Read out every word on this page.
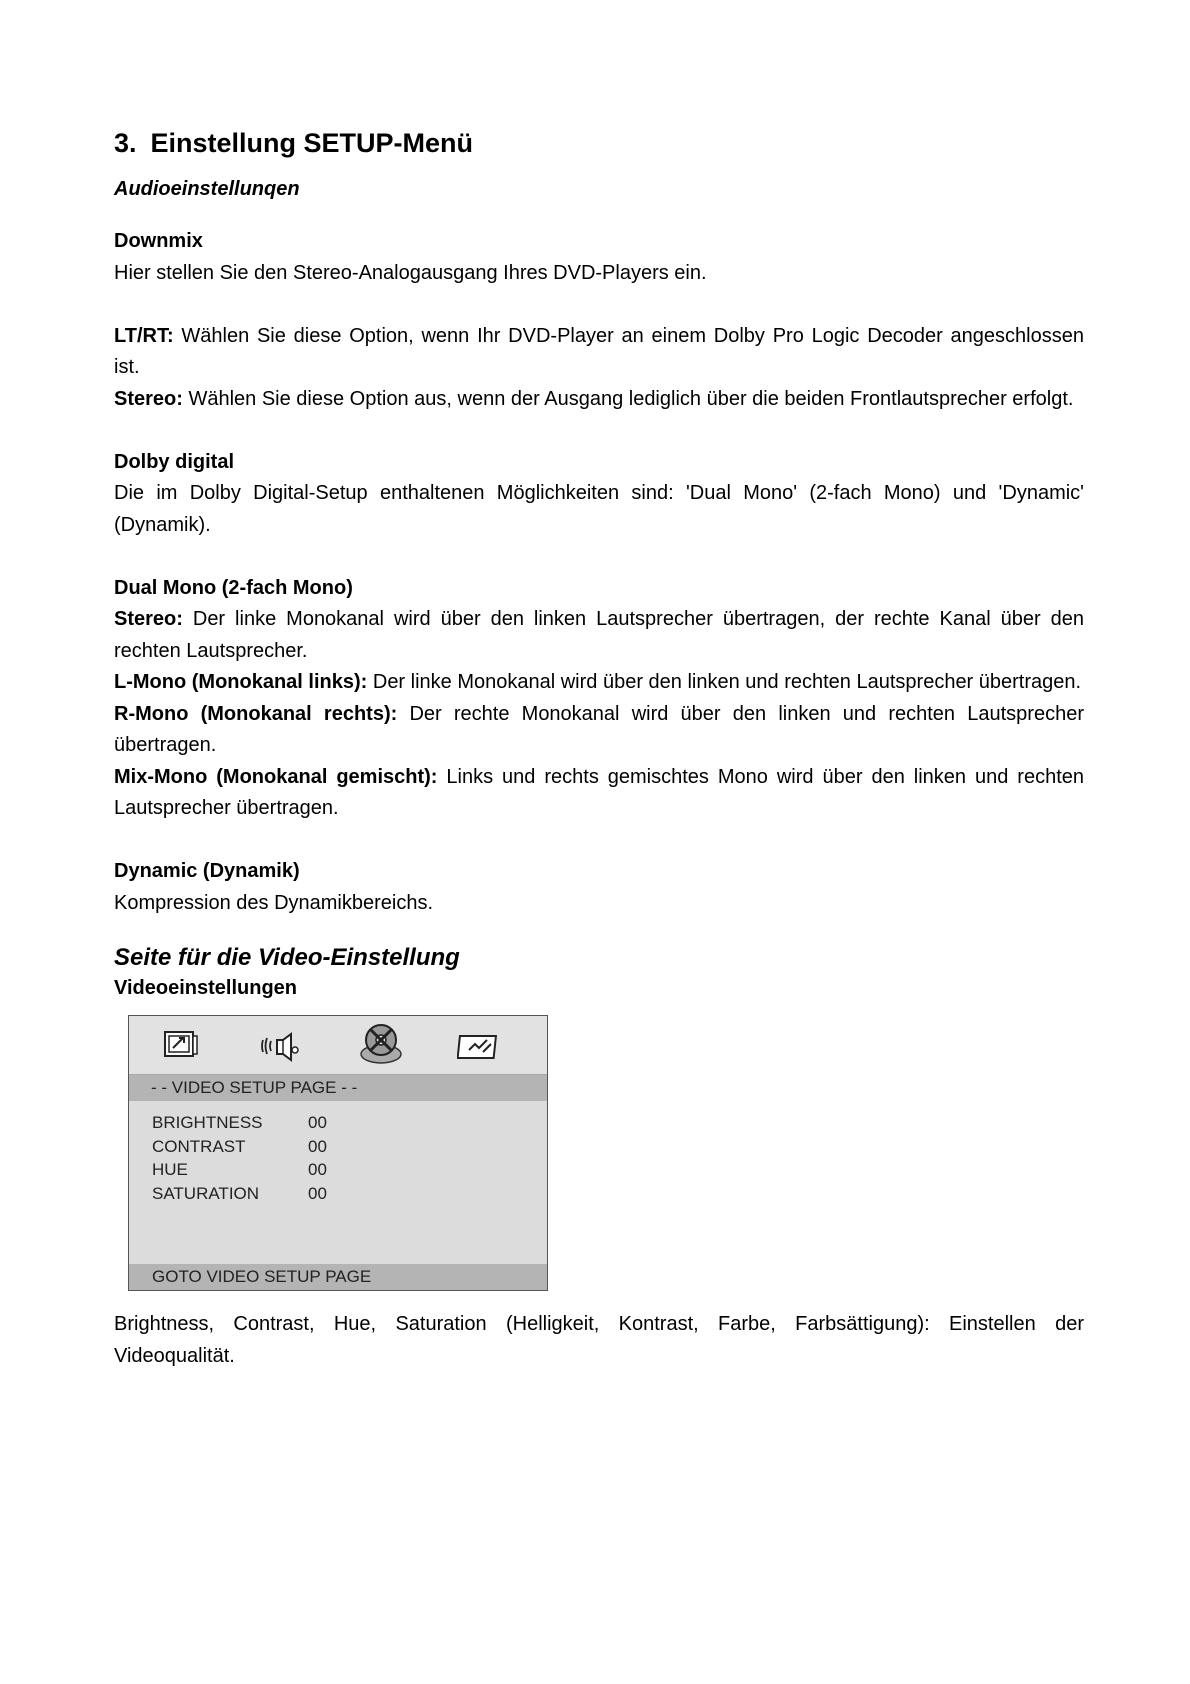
3. Einstellung SETUP-Menü
Audioeinstellunqen

Downmix

Hier stellen Sie den Stereo-Analogausgang Ihres DVD-Players ein.

LT/RT: Wählen Sie diese Option, wenn Ihr DVD-Player an einem Dolby Pro Logic Decoder angeschlossen ist.

Stereo: Wählen Sie diese Option aus, wenn der Ausgang lediglich über die beiden Frontlautsprecher erfolgt.

Dolby digital

Die im Dolby Digital-Setup enthaltenen Möglichkeiten sind: 'Dual Mono' (2-fach Mono) und 'Dynamic' (Dynamik).

Dual Mono (2-fach Mono)

Stereo: Der linke Monokanal wird über den linken Lautsprecher übertragen, der rechte Kanal über den rechten Lautsprecher.

L-Mono (Monokanal links): Der linke Monokanal wird über den linken und rechten Lautsprecher übertragen.

R-Mono (Monokanal rechts): Der rechte Monokanal wird über den linken und rechten Lautsprecher übertragen.

Mix-Mono (Monokanal gemischt): Links und rechts gemischtes Mono wird über den linken und rechten Lautsprecher übertragen.

Dynamic (Dynamik)

Kompression des Dynamikbereichs.

Seite für die Video-Einstellung
Videoeinstellungen
- - VIDEO SETUP PAGE - -
BRIGHTNESS	00
CONTRAST	00
HUE	00
SATURATION	00
GOTO VIDEO SETUP PAGE

Brightness, Contrast, Hue, Saturation (Helligkeit, Kontrast, Farbe, Farbsättigung): Einstellen der Videoqualität.
